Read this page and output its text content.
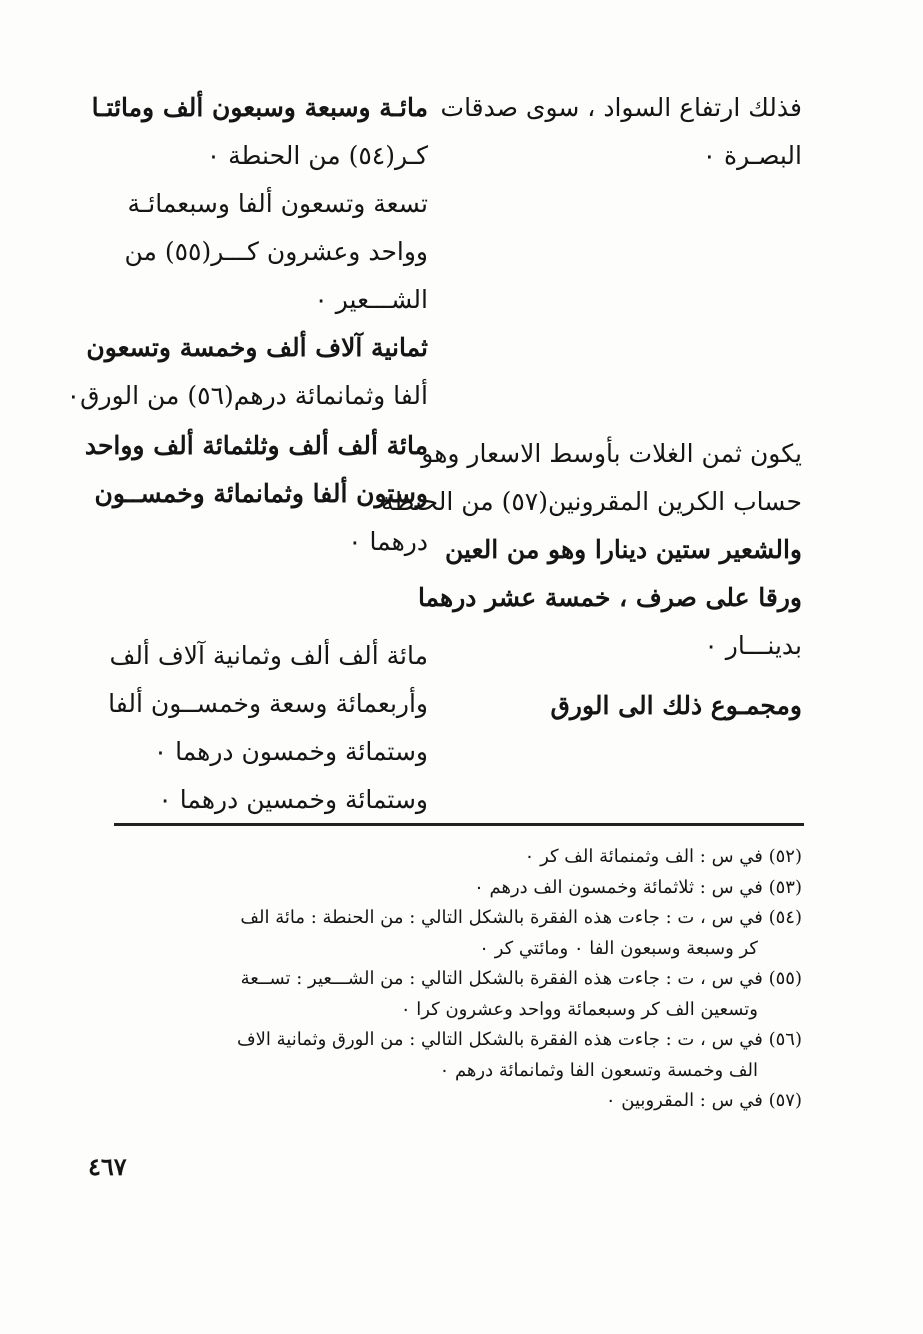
فذلك ارتفاع السواد ، سوى صدقات
البصـرة ٠
يكون ثمن الغلات بأوسط الاسعار وهو
حساب الكرين المقرونين(٥٧) من الحنطة
والشعير ستين دينارا وهو من العين
ورقا على صرف ، خمسة عشر درهما
بدينـــار ٠
ومجمـوع ذلك الى الورق
مائـة وسبعة وسبعون ألف ومائتـا
كـر(٥٤) من الحنطة ٠
تسعة وتسعون ألفا وسبعمائـة
وواحد وعشرون كـــر(٥٥) من
الشـــعير ٠
ثمانية آلاف ألف وخمسة وتسعون
ألفا وثمانمائة درهم(٥٦) من الورق٠
مائة ألف ألف وثلثمائة ألف وواحد
وستون ألفا وثمانمائة وخمســون
درهما ٠
مائة ألف ألف وثمانية آلاف ألف
وأربعمائة وسعة وخمســون ألفا
وستمائة وخمسون درهما ٠
وستمائة وخمسين درهما ٠
(٥٢) في س : الف وثمنمائة الف كر ٠
(٥٣) في س : ثلاثمائة وخمسون الف درهم ٠
(٥٤) في س ، ت : جاءت هذه الفقرة بالشكل التالي : من الحنطة : مائة الف
كر وسبعة وسبعون الفا ٠ ومائتي كر ٠
(٥٥) في س ، ت : جاءت هذه الفقرة بالشكل التالي : من الشـــعير : تســعة
وتسعين الف كر وسبعمائة وواحد وعشرون كرا ٠
(٥٦) في س ، ت : جاءت هذه الفقرة بالشكل التالي : من الورق وثمانية الاف
الف وخمسة وتسعون الفا وثمانمائة درهم ٠
(٥٧) في س : المقروبين ٠
٤٦٧
